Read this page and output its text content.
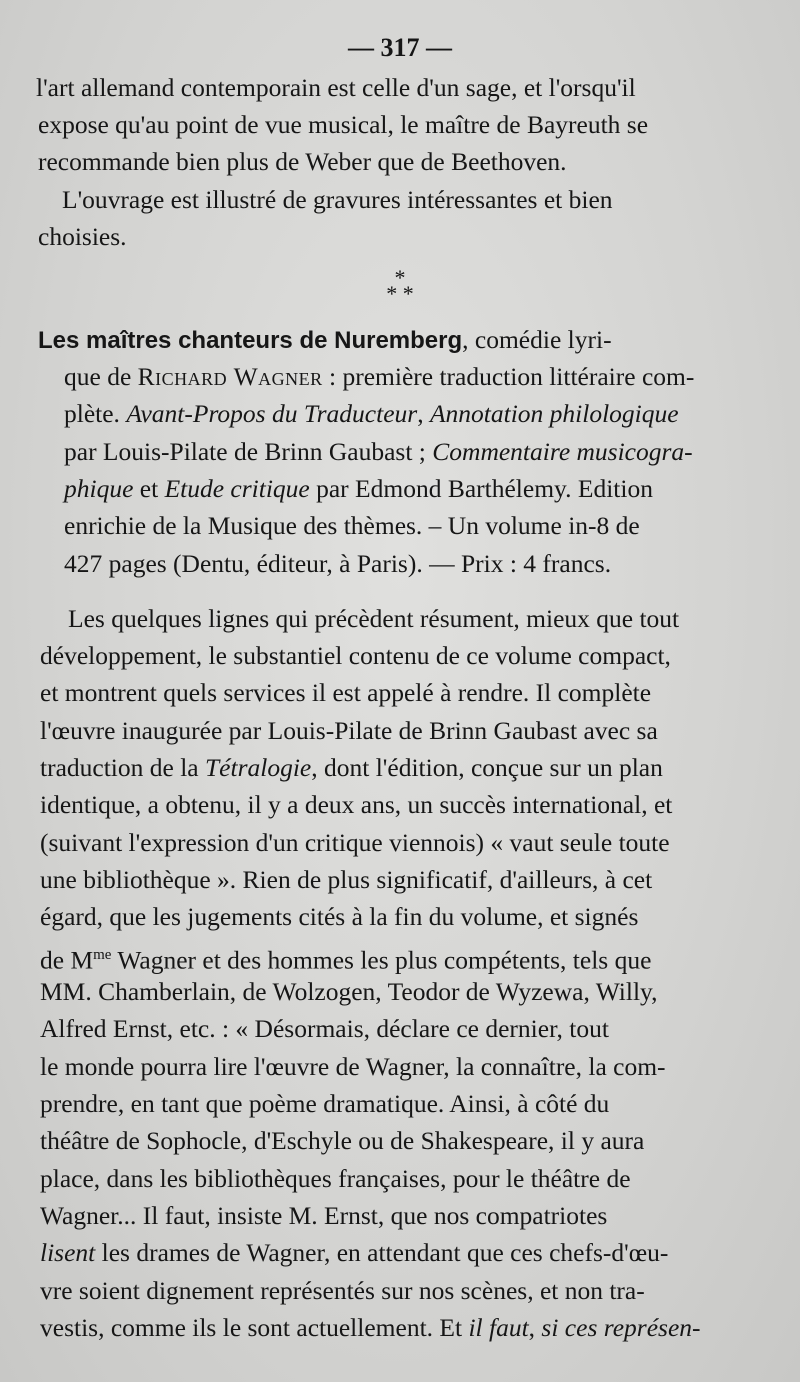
— 317 —
l'art allemand contemporain est celle d'un sage, et l'orsqu'il
expose qu'au point de vue musical, le maître de Bayreuth se
recommande bien plus de Weber que de Beethoven.
L'ouvrage est illustré de gravures intéressantes et bien
choisies.
*
* *
Les maîtres chanteurs de Nuremberg, comédie lyri-
que de Richard Wagner : première traduction littéraire com-
plète. Avant-Propos du Traducteur, Annotation philologique
par Louis-Pilate de Brinn Gaubast ; Commentaire musicogra-
phique et Etude critique par Edmond Barthélemy. Edition
enrichie de la Musique des thèmes. – Un volume in-8 de
427 pages (Dentu, éditeur, à Paris). — Prix : 4 francs.
Les quelques lignes qui précèdent résument, mieux que tout
développement, le substantiel contenu de ce volume compact,
et montrent quels services il est appelé à rendre. Il complète
l'œuvre inaugurée par Louis-Pilate de Brinn Gaubast avec sa
traduction de la Tétralogie, dont l'édition, conçue sur un plan
identique, a obtenu, il y a deux ans, un succès international, et
(suivant l'expression d'un critique viennois) « vaut seule toute
une bibliothèque ». Rien de plus significatif, d'ailleurs, à cet
égard, que les jugements cités à la fin du volume, et signés
de $M^{me}$ Wagner et des hommes les plus compétents, tels que
MM. Chamberlain, de Wolzogen, Teodor de Wyzewa, Willy,
Alfred Ernst, etc. : « Désormais, déclare ce dernier, tout
le monde pourra lire l'œuvre de Wagner, la connaître, la com-
prendre, en tant que poème dramatique. Ainsi, à côté du
théâtre de Sophocle, d'Eschyle ou de Shakespeare, il y aura
place, dans les bibliothèques françaises, pour le théâtre de
Wagner... Il faut, insiste M. Ernst, que nos compatriotes
lisent les drames de Wagner, en attendant que ces chefs-d'œu-
vre soient dignement représentés sur nos scènes, et non tra-
vestis, comme ils le sont actuellement. Et il faut, si ces représen-
